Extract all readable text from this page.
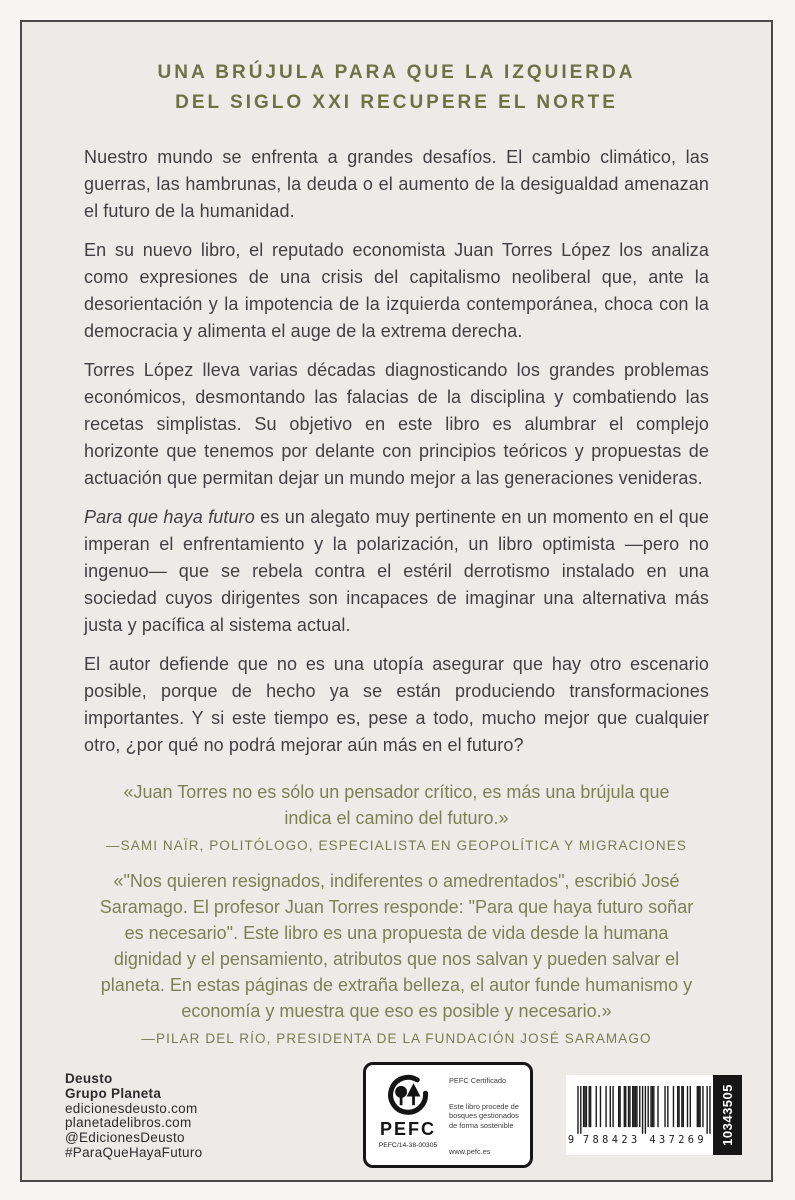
UNA BRÚJULA PARA QUE LA IZQUIERDA
DEL SIGLO XXI RECUPERE EL NORTE

Nuestro mundo se enfrenta a grandes desafíos. El cambio climático, las guerras, las hambrunas, la deuda o el aumento de la desigualdad amenazan el futuro de la humanidad.

En su nuevo libro, el reputado economista Juan Torres López los analiza como expresiones de una crisis del capitalismo neoliberal que, ante la desorientación y la impotencia de la izquierda contemporánea, choca con la democracia y alimenta el auge de la extrema derecha.

Torres López lleva varias décadas diagnosticando los grandes problemas económicos, desmontando las falacias de la disciplina y combatiendo las recetas simplistas. Su objetivo en este libro es alumbrar el complejo horizonte que tenemos por delante con principios teóricos y propuestas de actuación que permitan dejar un mundo mejor a las generaciones venideras.

Para que haya futuro es un alegato muy pertinente en un momento en el que imperan el enfrentamiento y la polarización, un libro optimista —pero no ingenuo— que se rebela contra el estéril derrotismo instalado en una sociedad cuyos dirigentes son incapaces de imaginar una alternativa más justa y pacífica al sistema actual.

El autor defiende que no es una utopía asegurar que hay otro escenario posible, porque de hecho ya se están produciendo transformaciones importantes. Y si este tiempo es, pese a todo, mucho mejor que cualquier otro, ¿por qué no podrá mejorar aún más en el futuro?

«Juan Torres no es sólo un pensador crítico, es más una brújula que indica el camino del futuro.»
—SAMI NAÏR, POLITÓLOGO, ESPECIALISTA EN GEOPOLÍTICA Y MIGRACIONES
«"Nos quieren resignados, indiferentes o amedrentados", escribió José Saramago. El profesor Juan Torres responde: "Para que haya futuro soñar es necesario". Este libro es una propuesta de vida desde la humana dignidad y el pensamiento, atributos que nos salvan y pueden salvar el planeta. En estas páginas de extraña belleza, el autor funde humanismo y economía y muestra que eso es posible y necesario.»
—PILAR DEL RÍO, PRESIDENTA DE LA FUNDACIÓN JOSÉ SARAMAGO
Deusto
Grupo Planeta
edicionesdeusto.com
planetadelibros.com
@EdicionesDeusto
#ParaQueHayaFuturo
PEFC
PEFC/14-38-00305
PEFC Certificado
Este libro procede de bosques gestionados de forma sostenible
www.pefc.es
9 788423 437269 10343505
